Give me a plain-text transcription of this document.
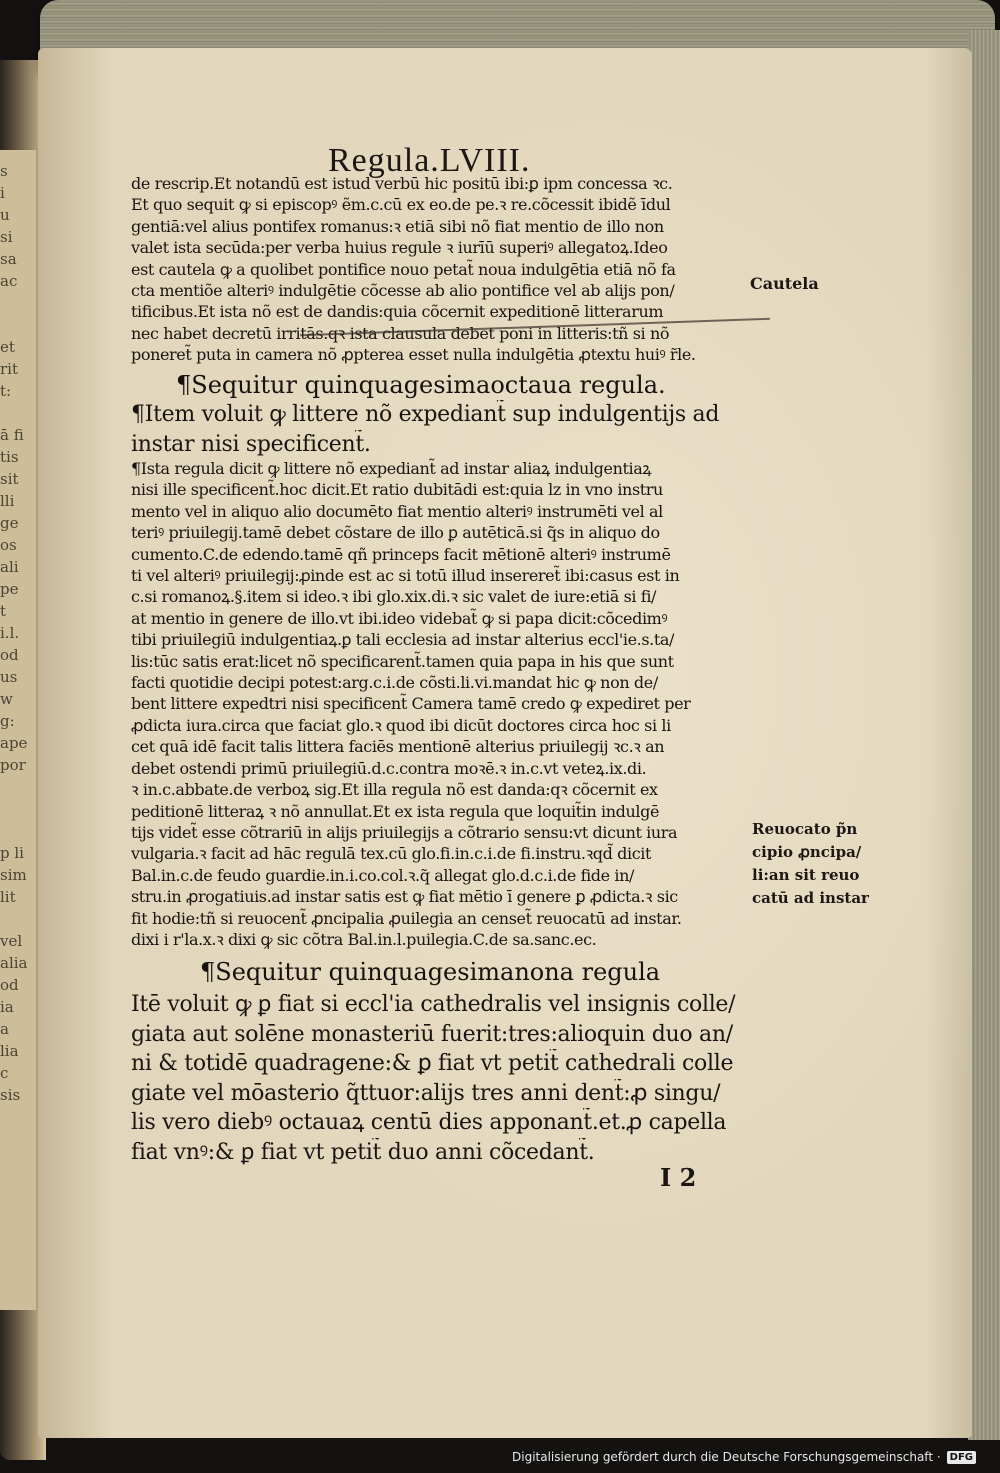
s
i
u
si
sa
ac

et
rit
t:

ā fi
tis
sit
lli
ge
os
ali
pe
t
i.l.
od
us
w
g:
ape
por

p li
sim
lit

vel
alia
od
ia
a
lia
c
sis
Regula.LVIII.
de rescrip.Et notandū est istud verbū hic positū ibi:ꝑ ipm concessa ꝛc.
Et quo sequit ꝙ si episcopꝰ ẽm.c.cū ex eo.de pe.ꝛ re.cõcessit ibidẽ īdul
gentiā:vel alius pontifex romanus:ꝛ etiā sibi nõ fiat mentio de illo non
valet ista secūda:per verba huius regule ꝛ iurīū superiꝰ allegatoꝝ.Ideo
est cautela ꝙ a quolibet pontifice nouo petat̃ noua indulgētia etiā nõ fa
cta mentiõe alteriꝰ indulgētie cõcesse ab alio pontifice vel ab alijs pon/
tificibus.Et ista nõ est de dandis:quia cõcernit expeditionē litterarum
nec habet decretū irritās.qꝛ ista clausula debet poni in litteris:tñ si nõ
poneret̃ puta in camera nõ ꝓpterea esset nulla indulgētia ꝓtextu huiꝰ r̃le.
¶Sequitur quinquagesimaoctaua regula.
¶Item voluit ꝙ littere nõ expediant̃ sup indulgentijs ad
instar nisi specificent̃.
¶Ista regula dicit ꝙ littere nõ expediant̃ ad instar aliaꝝ indulgentiaꝝ
nisi ille specificent̃.hoc dicit.Et ratio dubitādi est:quia lz in vno instru
mento vel in aliquo alio documēto fiat mentio alteriꝰ instrumēti vel al
teriꝰ priuilegij.tamē debet cõstare de illo ꝑ autēticā.si q̃s in aliquo do
cumento.C.de edendo.tamē qñ princeps facit mētionē alteriꝰ instrumē
ti vel alteriꝰ priuilegij:ꝓinde est ac si totū illud insereret̃ ibi:casus est in
c.si romanoꝝ.§.item si ideo.ꝛ ibi glo.xix.di.ꝛ sic valet de iure:etiā si fi/
at mentio in genere de illo.vt ibi.ideo videbat̃ ꝙ si papa dicit:cõcedimꝰ
tibi priuilegiū indulgentiaꝝ.ꝑ tali ecclesia ad instar alterius eccl'ie.s.ta/
lis:tūc satis erat:licet nõ specificarent̃.tamen quia papa in his que sunt
facti quotidie decipi potest:arg.c.i.de cõsti.li.vi.mandat hic ꝙ non de/
bent littere expedtri nisi specificent̃ Camera tamē credo ꝙ expediret per
ꝓdicta iura.circa que faciat glo.ꝛ quod ibi dicūt doctores circa hoc si li
cet quā idē facit talis littera faciēs mentionē alterius priuilegij ꝛc.ꝛ an
debet ostendi primū priuilegiū.d.c.contra moꝛē.ꝛ in.c.vt veteꝝ.ix.di.
ꝛ in.c.abbate.de verboꝝ sig.Et illa regula nõ est danda:qꝛ cõcernit ex
peditionē litteraꝝ ꝛ nõ annullat.Et ex ista regula que loquit̃in indulgē
tijs videt̃ esse cõtrariū in alijs priuilegijs a cõtrario sensu:vt dicunt iura
vulgaria.ꝛ facit ad hāc regulā tex.cū glo.fi.in.c.i.de fi.instru.ꝛqd̃ dicit
Bal.in.c.de feudo guardie.in.i.co.col.ꝛ.q̃ allegat glo.d.c.i.de fide in/
stru.in ꝓrogatiuis.ad instar satis est ꝙ fiat mētio ī genere ꝑ ꝓdicta.ꝛ sic
fit hodie:tñ si reuocent̃ ꝓncipalia ꝓuilegia an censet̃ reuocatū ad instar.
dixi i r'la.x.ꝛ dixi ꝙ sic cõtra Bal.in.l.puilegia.C.de sa.sanc.ec.
¶Sequitur quinquagesimanona regula
Itē voluit ꝙ ꝑ fiat si eccl'ia cathedralis vel insignis colle/
giata aut solēne monasteriū fuerit:tres:alioquin duo an/
ni & totidē quadragene:& ꝑ fiat vt petit̃ cathedrali colle
giate vel mōasterio q̃ttuor:alijs tres anni dent̃:ꝓ singu/
lis vero diebꝰ octauaꝝ centū dies apponant̃.et.ꝓ capella
fiat vnꝰ:& ꝑ fiat vt petit̃ duo anni cõcedant̃.
I 2
Cautela
Reuocato p̃n
cipio ꝓncipa/
li:an sit reuo
catū ad instar
Digitalisierung gefördert durch die Deutsche Forschungsgemeinschaft · DFG
